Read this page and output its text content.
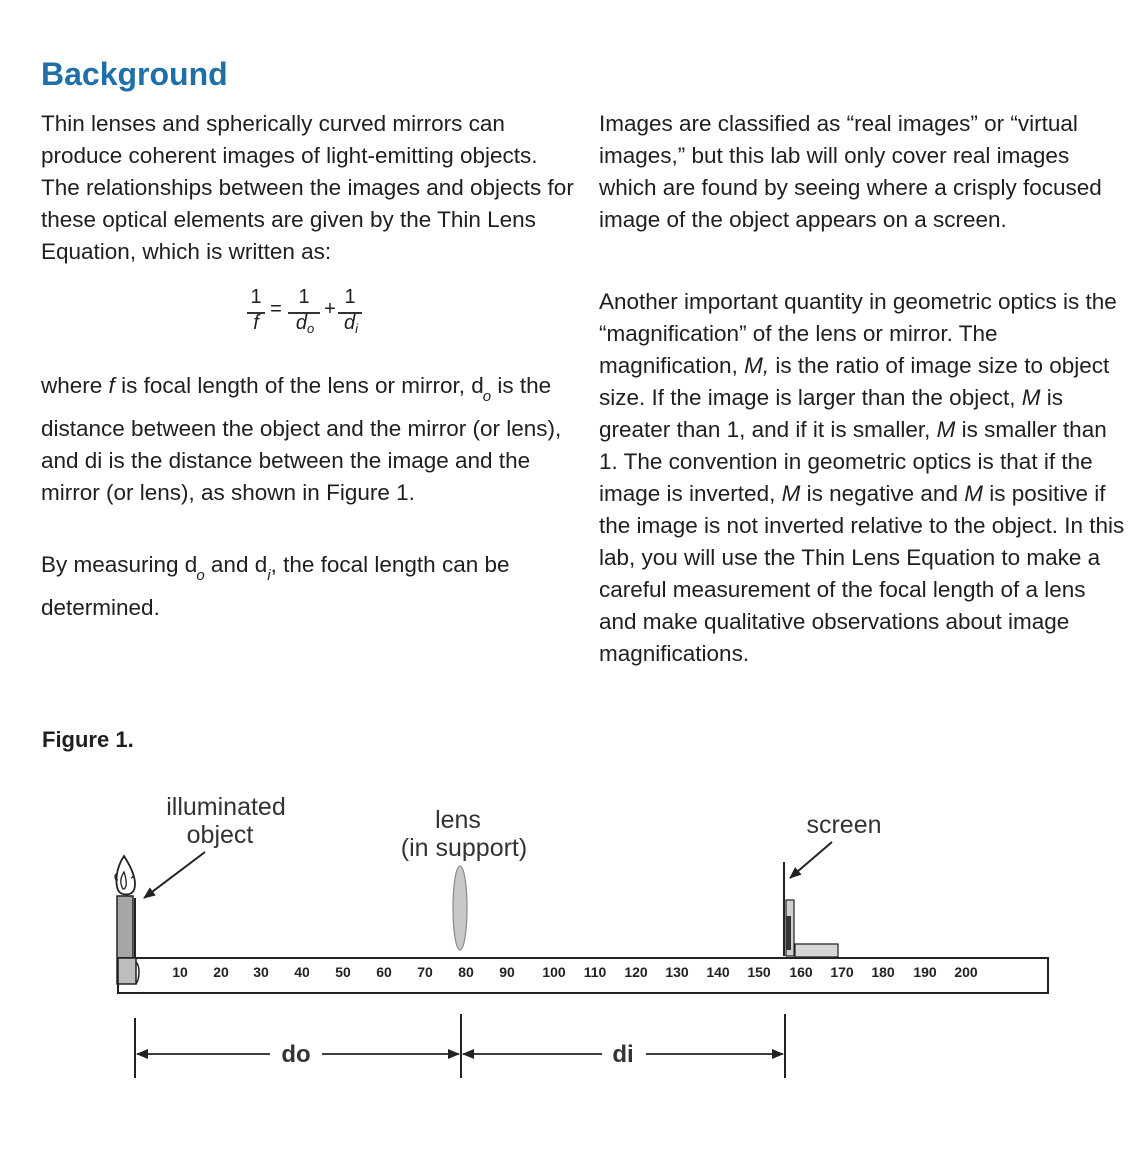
Background

Thin lenses and spherically curved mirrors can produce coherent images of light-emitting objects. The relationships between the images and objects for these optical elements are given by the Thin Lens Equation, which is written as:

1
f
=
1
$d_o$
+
1
$d_i$

where f is focal length of the lens or mirror, $d_o$ is the distance between the object and the mirror (or lens), and di is the distance between the image and the mirror (or lens), as shown in Figure 1.

By measuring $d_o$ and $d_i$, the focal length can be determined.

Images are classified as “real images” or “virtual images,” but this lab will only cover real images which are found by seeing where a crisply focused image of the object appears on a screen.

Another important quantity in geometric optics is the “magnification” of the lens or mirror. The magnification, M, is the ratio of image size to object size. If the image is larger than the object, M is greater than 1, and if it is smaller, M is smaller than 1. The convention in geometric optics is that if the image is inverted, M is negative and M is positive if the image is not inverted relative to the object. In this lab, you will use the Thin Lens Equation to make a careful measurement of the focal length of a lens and make qualitative observations about image magnifications.

Figure 1.
illuminated
object
lens
(in support)
screen
10 20 30 40 50 60 70 80 90 100 110 120 130 140 150 160 170 180 190 200
do	di
